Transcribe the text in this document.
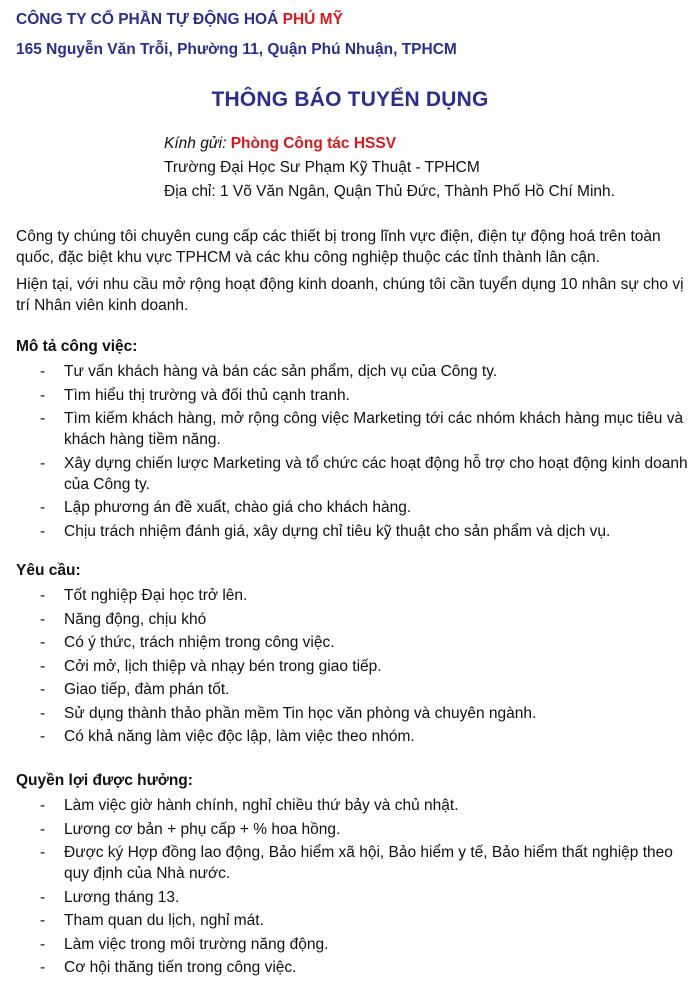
CÔNG TY CỔ PHẦN TỰ ĐỘNG HOÁ PHÚ MỸ
165 Nguyễn Văn Trỗi, Phường 11, Quận Phú Nhuận, TPHCM
THÔNG BÁO TUYỂN DỤNG
Kính gửi: Phòng Công tác HSSV
Trường Đại Học Sư Phạm Kỹ Thuật - TPHCM
Địa chỉ: 1 Võ Văn Ngân, Quận Thủ Đức, Thành Phố Hồ Chí Minh.

Công ty chúng tôi chuyên cung cấp các thiết bị trong lĩnh vực điện, điện tự động hoá trên toàn quốc, đặc biệt khu vực TPHCM và các khu công nghiệp thuộc các tỉnh thành lân cận.

Hiện tại, với nhu cầu mở rộng hoạt động kinh doanh, chúng tôi cần tuyển dụng 10 nhân sự cho vị trí Nhân viên kinh doanh.

Mô tả công việc:
- Tư vấn khách hàng và bán các sản phẩm, dịch vụ của Công ty.
- Tìm hiểu thị trường và đối thủ cạnh tranh.
- Tìm kiếm khách hàng, mở rộng công việc Marketing tới các nhóm khách hàng mục tiêu và khách hàng tiềm năng.
- Xây dựng chiến lược Marketing và tổ chức các hoạt động hỗ trợ cho hoạt động kinh doanh của Công ty.
- Lập phương án đề xuất, chào giá cho khách hàng.
- Chịu trách nhiệm đánh giá, xây dựng chỉ tiêu kỹ thuật cho sản phẩm và dịch vụ.
Yêu cầu:
- Tốt nghiệp Đại học trở lên.
- Năng động, chịu khó
- Có ý thức, trách nhiệm trong công việc.
- Cởi mở, lịch thiệp và nhạy bén trong giao tiếp.
- Giao tiếp, đàm phán tốt.
- Sử dụng thành thảo phần mềm Tin học văn phòng và chuyên ngành.
- Có khả năng làm việc độc lập, làm việc theo nhóm.
Quyền lợi được hưởng:
- Làm việc giờ hành chính, nghỉ chiều thứ bảy và chủ nhật.
- Lương cơ bản + phụ cấp + % hoa hồng.
- Được ký Hợp đồng lao động, Bảo hiểm xã hội, Bảo hiểm y tế, Bảo hiểm thất nghiệp theo quy định của Nhà nước.
- Lương tháng 13.
- Tham quan du lịch, nghỉ mát.
- Làm việc trong môi trường năng động.
- Cơ hội thăng tiến trong công việc.
